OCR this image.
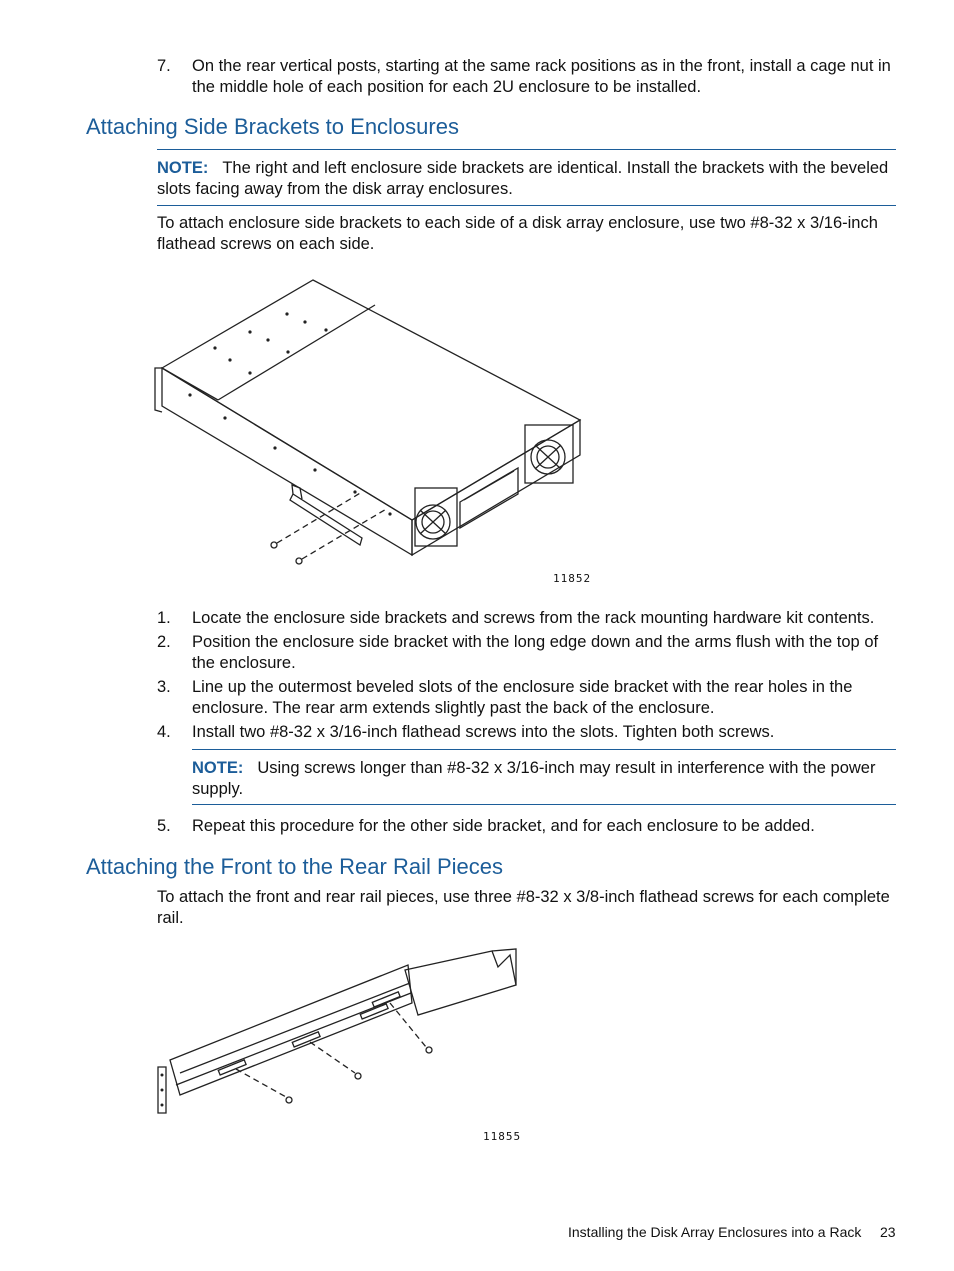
7. On the rear vertical posts, starting at the same rack positions as in the front, install a cage nut in the middle hole of each position for each 2U enclosure to be installed.
Attaching Side Brackets to Enclosures
NOTE: The right and left enclosure side brackets are identical. Install the brackets with the beveled slots facing away from the disk array enclosures.
To attach enclosure side brackets to each side of a disk array enclosure, use two #8-32 x 3/16-inch flathead screws on each side.
11852
1. Locate the enclosure side brackets and screws from the rack mounting hardware kit contents.
2. Position the enclosure side bracket with the long edge down and the arms flush with the top of the enclosure.
3. Line up the outermost beveled slots of the enclosure side bracket with the rear holes in the enclosure. The rear arm extends slightly past the back of the enclosure.
4. Install two #8-32 x 3/16-inch flathead screws into the slots. Tighten both screws.
NOTE: Using screws longer than #8-32 x 3/16-inch may result in interference with the power supply.
5. Repeat this procedure for the other side bracket, and for each enclosure to be added.
Attaching the Front to the Rear Rail Pieces
To attach the front and rear rail pieces, use three #8-32 x 3/8-inch flathead screws for each complete rail.
11855
Installing the Disk Array Enclosures into a Rack 23
